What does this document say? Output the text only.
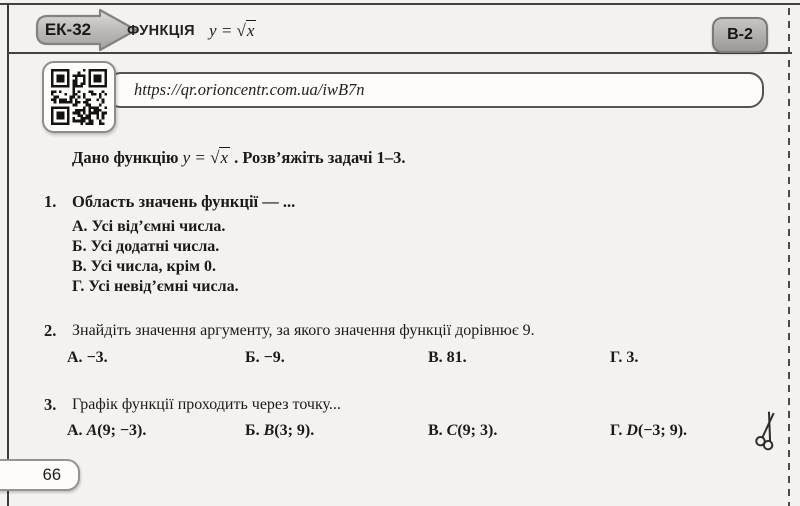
ЕК-32	ФУНКЦІЯ y = √x	В-2
https://qr.orioncentr.com.ua/iwB7n
Дано функцію y = √x . Розв’яжіть задачі 1–3.
1. Область значень функції — ...
А. Усі від’ємні числа.
Б. Усі додатні числа.
В. Усі числа, крім 0.
Г. Усі невід’ємні числа.
2. Знайдіть значення аргументу, за якого значення функції дорівнює 9.
А. −3.	Б. −9.	В. 81.	Г. 3.
3. Графік функції проходить через точку...
А. A(9; −3).	Б. B(3; 9).	В. C(9; 3).	Г. D(−3; 9).
66
